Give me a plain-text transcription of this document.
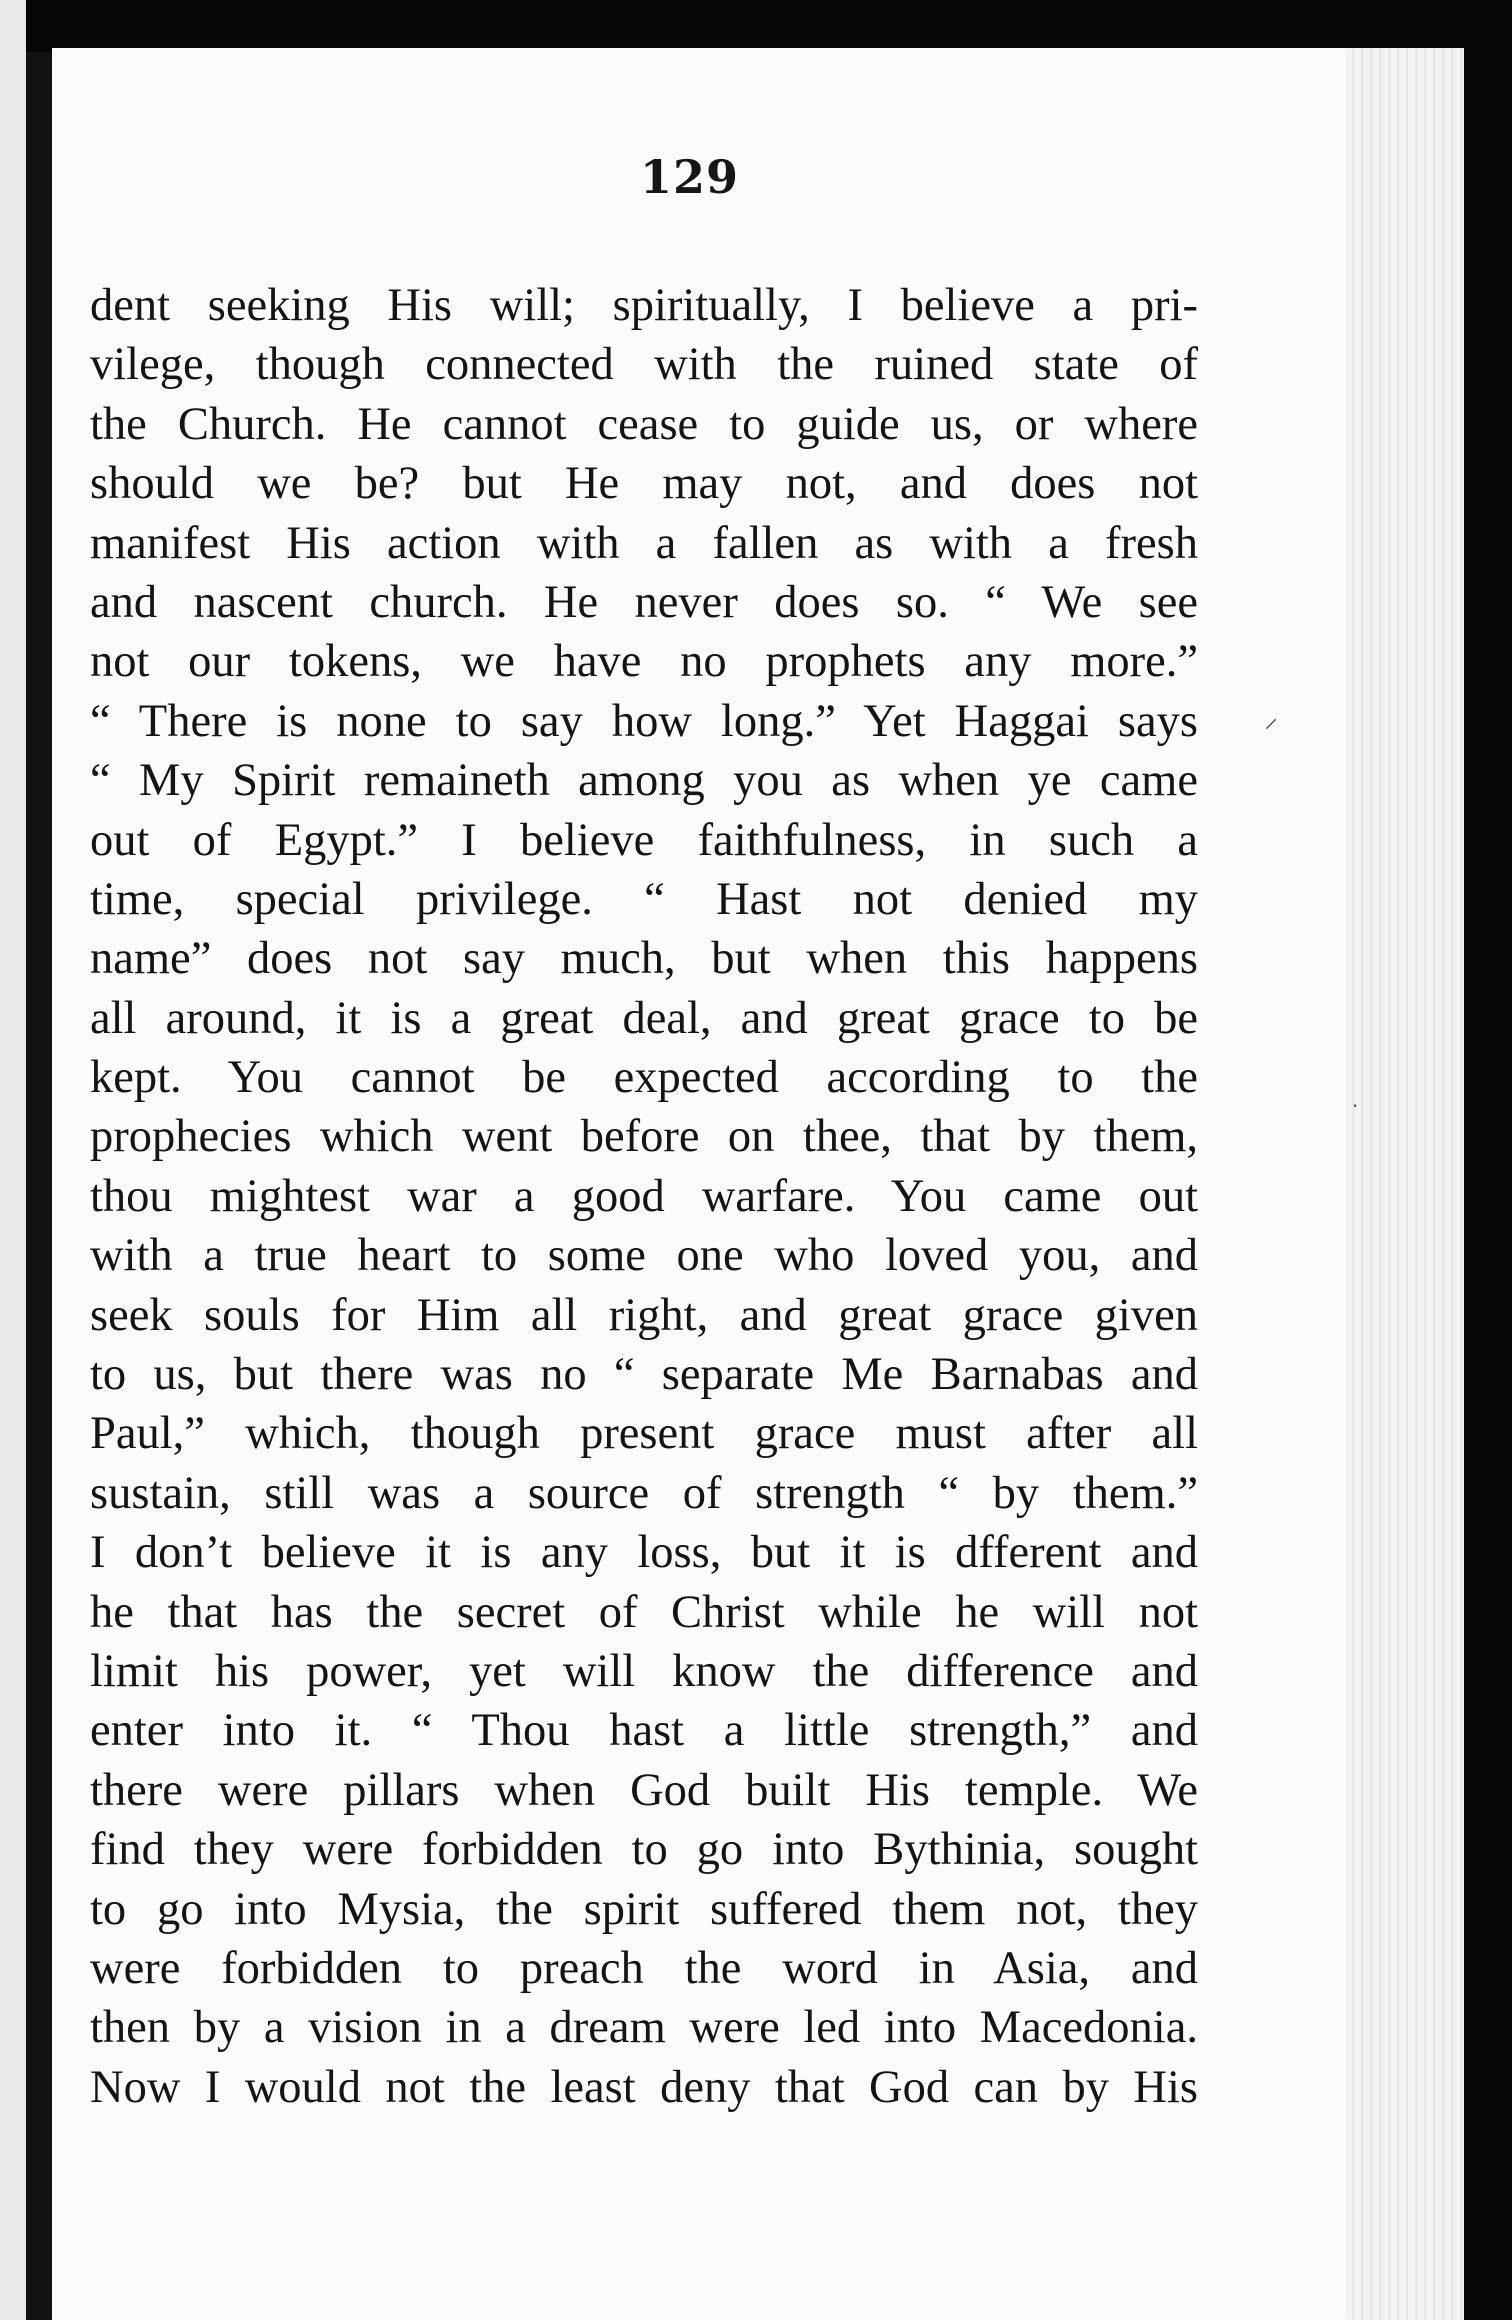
129
dent seeking His will; spiritually, I believe a pri-
vilege, though connected with the ruined state of
the Church. He cannot cease to guide us, or where
should we be? but He may not, and does not
manifest His action with a fallen as with a fresh
and nascent church. He never does so. “ We see
not our tokens, we have no prophets any more.”
“ There is none to say how long.” Yet Haggai says
“ My Spirit remaineth among you as when ye came
out of Egypt.” I believe faithfulness, in such a
time, special privilege. “ Hast not denied my
name” does not say much, but when this happens
all around, it is a great deal, and great grace to be
kept. You cannot be expected according to the
prophecies which went before on thee, that by them,
thou mightest war a good warfare. You came out
with a true heart to some one who loved you, and
seek souls for Him all right, and great grace given
to us, but there was no “ separate Me Barnabas and
Paul,” which, though present grace must after all
sustain, still was a source of strength “ by them.”
I don’t believe it is any loss, but it is dfferent and
he that has the secret of Christ while he will not
limit his power, yet will know the difference and
enter into it. “ Thou hast a little strength,” and
there were pillars when God built His temple. We
find they were forbidden to go into Bythinia, sought
to go into Mysia, the spirit suffered them not, they
were forbidden to preach the word in Asia, and
then by a vision in a dream were led into Macedonia.
Now I would not the least deny that God can by His
⸝
·
